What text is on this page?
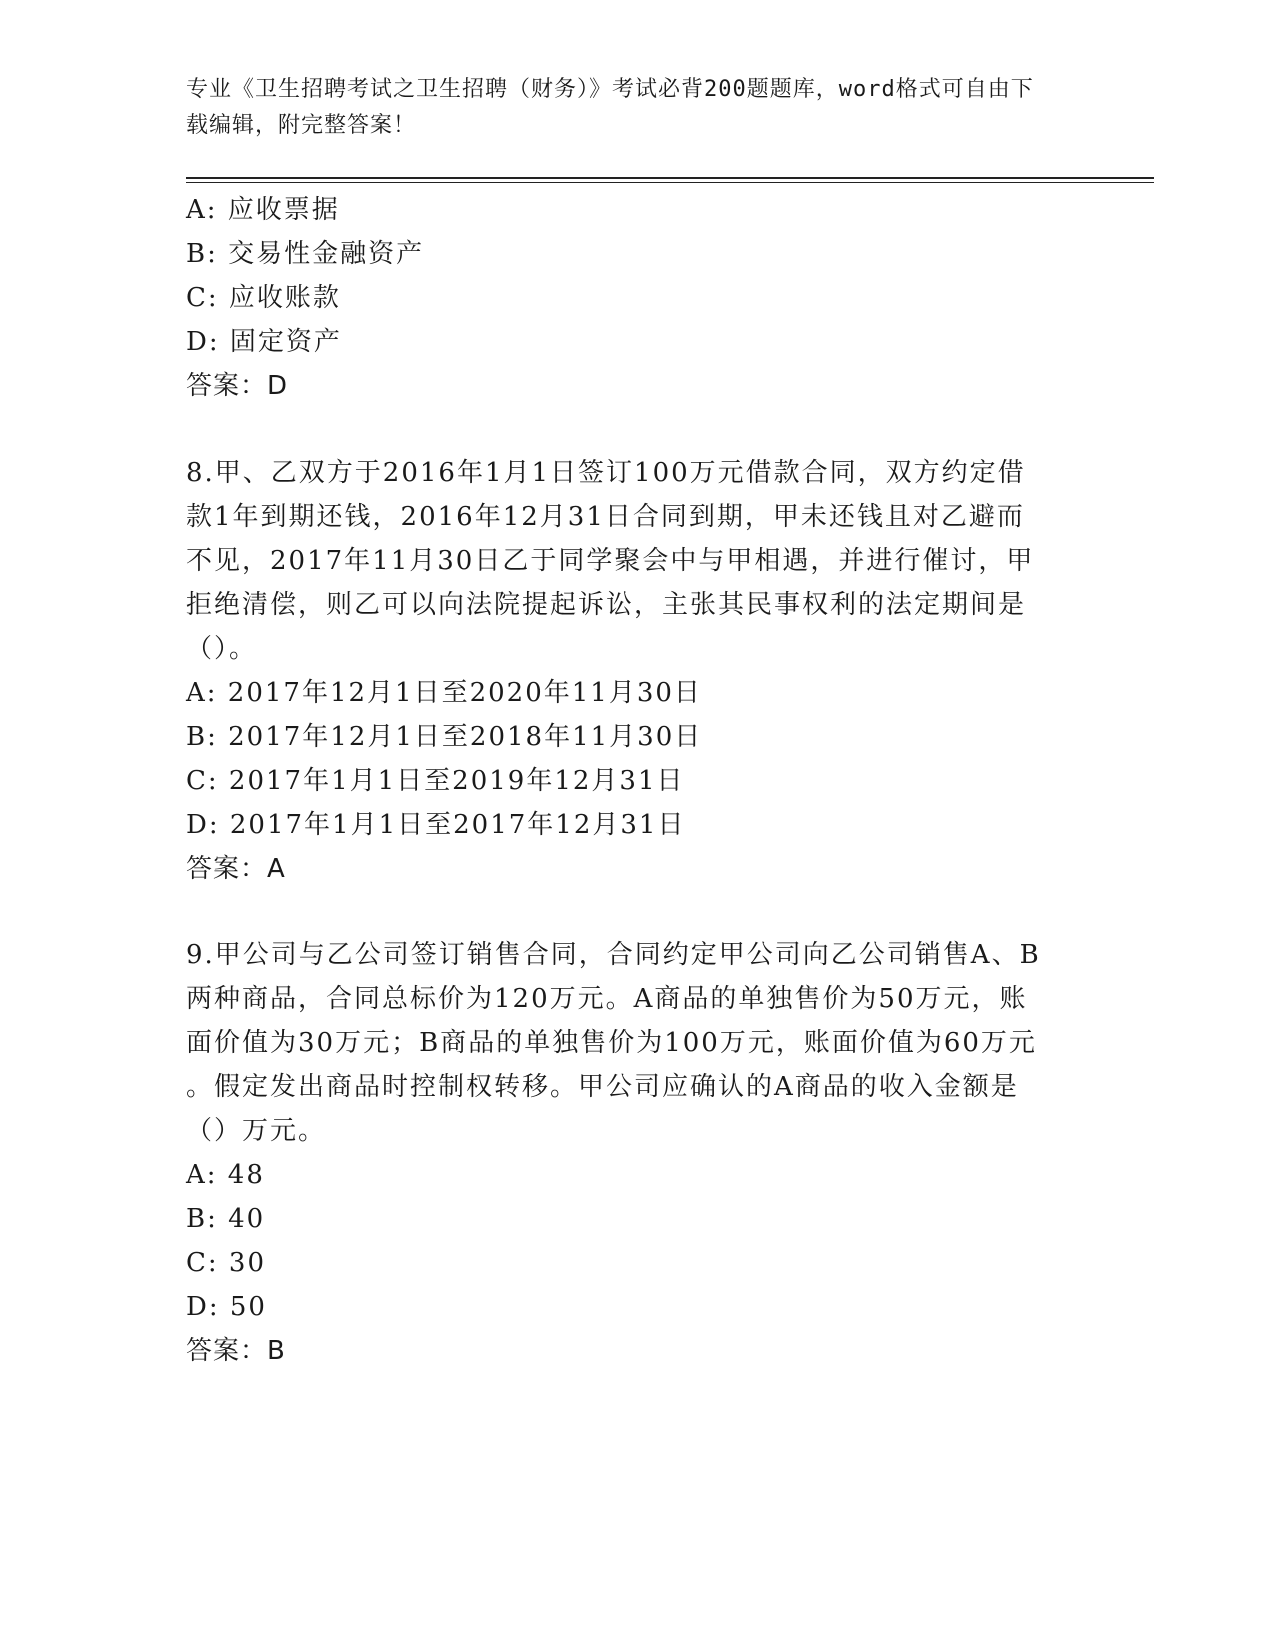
专业《卫生招聘考试之卫生招聘（财务）》考试必背200题题库，word格式可自由下载编辑，附完整答案！
A: 应收票据
B: 交易性金融资产
C: 应收账款
D: 固定资产
答案：D
8.甲、乙双方于2016年1月1日签订100万元借款合同，双方约定借
款1年到期还钱，2016年12月31日合同到期，甲未还钱且对乙避而
不见，2017年11月30日乙于同学聚会中与甲相遇，并进行催讨，甲
拒绝清偿，则乙可以向法院提起诉讼，主张其民事权利的法定期间是
（）。
A: 2017年12月1日至2020年11月30日
B: 2017年12月1日至2018年11月30日
C: 2017年1月1日至2019年12月31日
D: 2017年1月1日至2017年12月31日
答案：A
9.甲公司与乙公司签订销售合同，合同约定甲公司向乙公司销售A、B
两种商品，合同总标价为120万元。A商品的单独售价为50万元，账
面价值为30万元；B商品的单独售价为100万元，账面价值为60万元
。假定发出商品时控制权转移。甲公司应确认的A商品的收入金额是
（）万元。
A: 48
B: 40
C: 30
D: 50
答案：B
